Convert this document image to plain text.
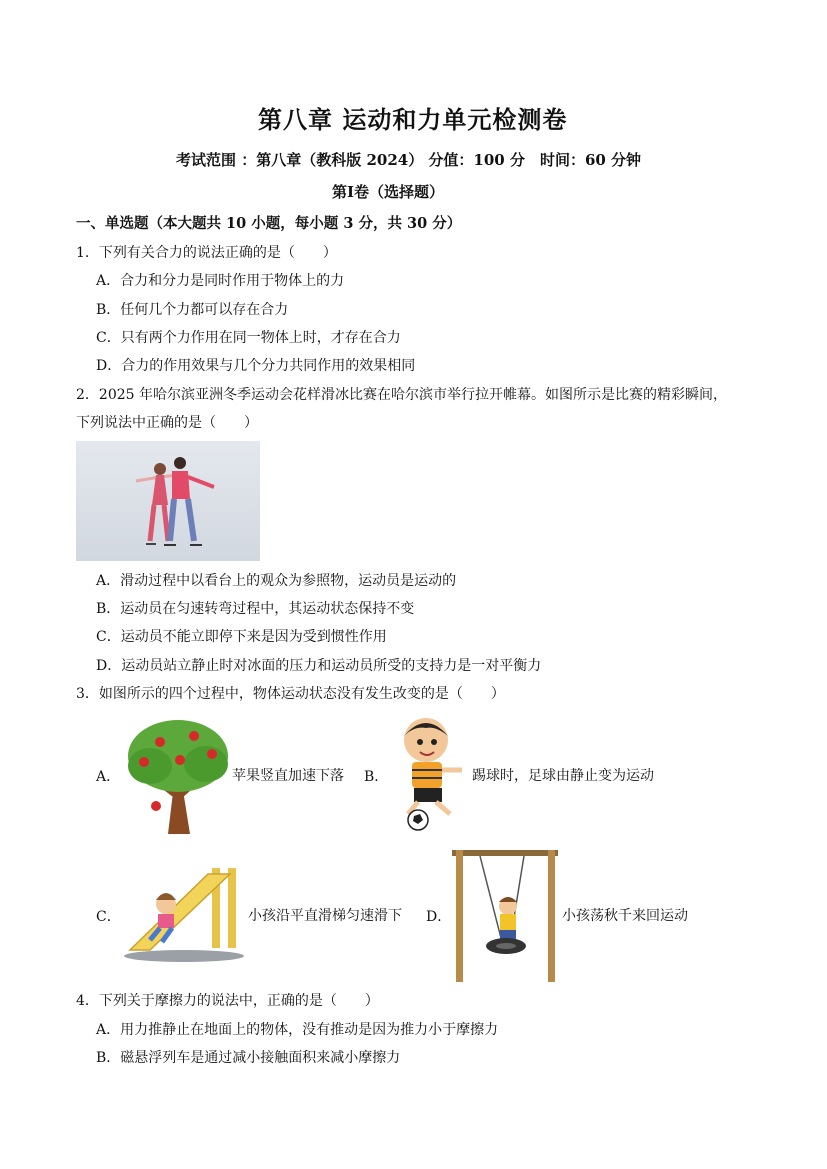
第八章 运动和力单元检测卷
考试范围 ：第八章（教科版 2024） 分值：100 分　时间：60 分钟
第Ⅰ卷（选择题）
一、单选题（本大题共 10 小题，每小题 3 分，共 30 分）
1．下列有关合力的说法正确的是（　　）
A．合力和分力是同时作用于物体上的力
B．任何几个力都可以存在合力
C．只有两个力作用在同一物体上时，才存在合力
D．合力的作用效果与几个分力共同作用的效果相同
2．2025 年哈尔滨亚洲冬季运动会花样滑冰比赛在哈尔滨市举行拉开帷幕。如图所示是比赛的精彩瞬间，
下列说法中正确的是（　　）
A．滑动过程中以看台上的观众为参照物，运动员是运动的
B．运动员在匀速转弯过程中，其运动状态保持不变
C．运动员不能立即停下来是因为受到惯性作用
D．运动员站立静止时对冰面的压力和运动员所受的支持力是一对平衡力
3．如图所示的四个过程中，物体运动状态没有发生改变的是（　　）
A．	苹果竖直加速下落 B．	踢球时，足球由静止变为运动
C．	小孩沿平直滑梯匀速滑下 D．	小孩荡秋千来回运动
4．下列关于摩擦力的说法中，正确的是（　　）
A．用力推静止在地面上的物体，没有推动是因为推力小于摩擦力
B．磁悬浮列车是通过减小接触面积来减小摩擦力
